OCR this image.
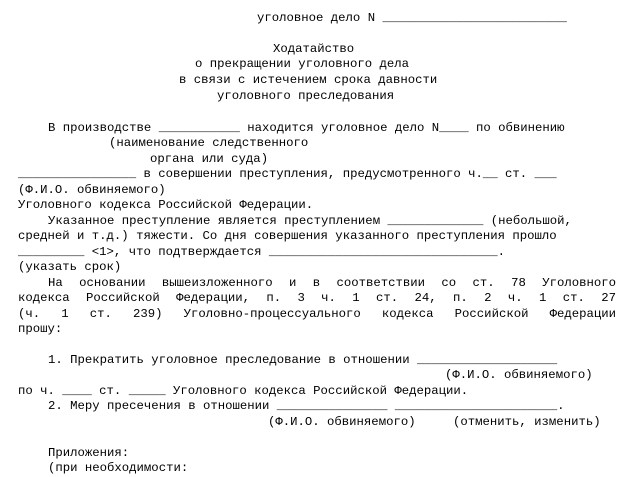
уголовное дело N _________________________
Ходатайство
о прекращении уголовного дела
в связи с истечением срока давности
уголовного преследования
В производстве ___________ находится уголовное дело N____ по обвинению
(наименование следственного
органа или суда)
________________ в совершении преступления, предусмотренного ч.__ ст. ___
(Ф.И.О. обвиняемого)
Уголовного кодекса Российской Федерации.
Указанное преступление является преступлением _____________ (небольшой,
средней и т.д.) тяжести. Со дня совершения указанного преступления прошло
_________ <1>, что подтверждается _______________________________.
(указать срок)
На основании вышеизложенного и в соответствии со ст. 78 Уголовного
кодекса Российской Федерации, п. 3 ч. 1 ст. 24, п. 2 ч. 1 ст. 27
(ч. 1 ст. 239) Уголовно-процессуального кодекса Российской Федерации
прошу:
1. Прекратить уголовное преследование в отношении ___________________
(Ф.И.О. обвиняемого)
по ч. ____ ст. _____ Уголовного кодекса Российской Федерации.
2. Меру пресечения в отношении _______________ ______________________.
(Ф.И.О. обвиняемого)	(отменить, изменить)
Приложения:
(при необходимости:
